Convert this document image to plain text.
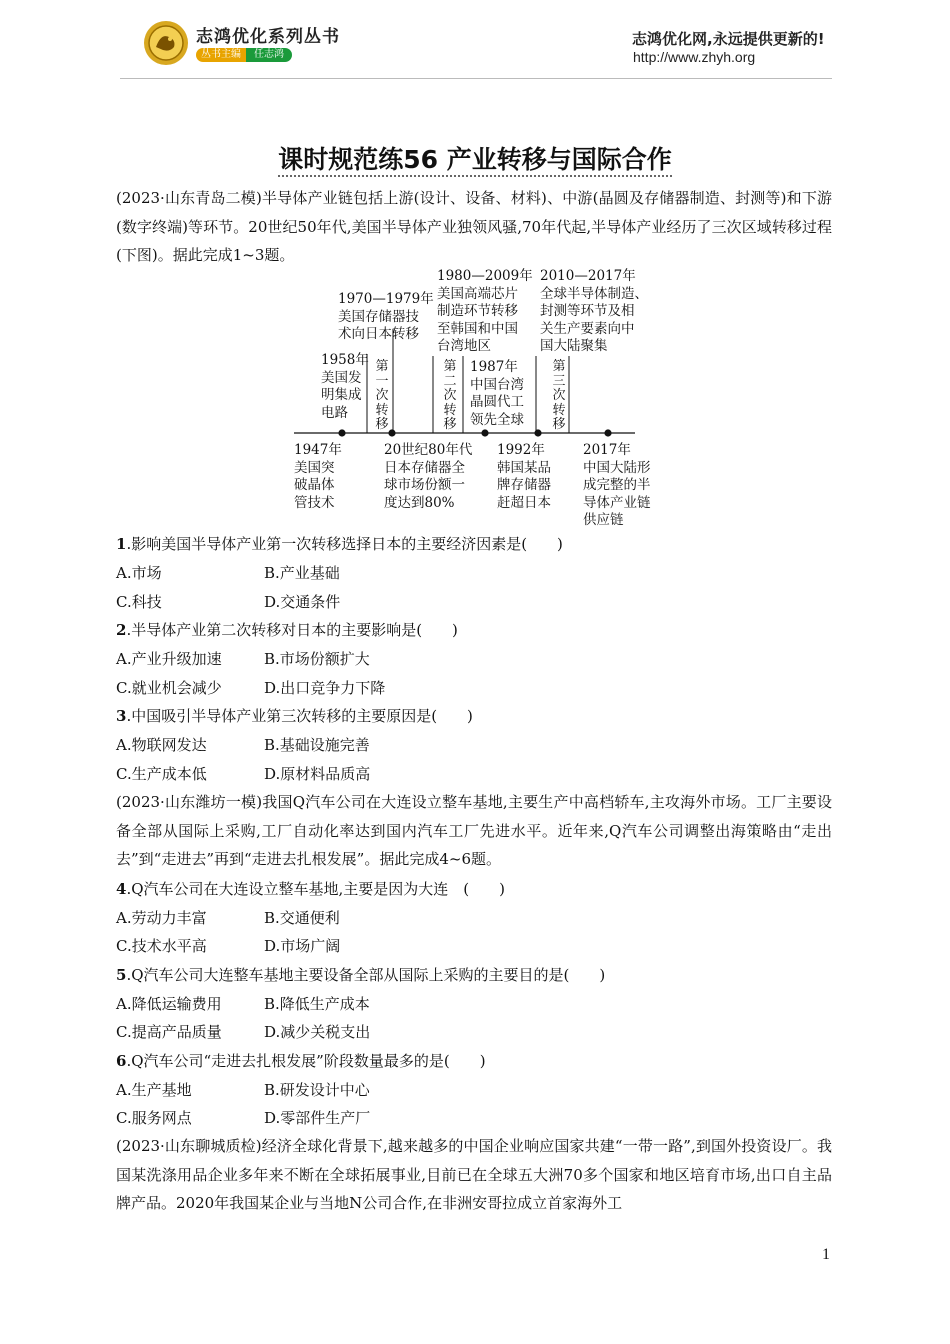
志鸿优化系列丛书
丛书主编	任志鸿
志鸿优化网,永远提供更新的!
http://www.zhyh.org
课时规范练56 产业转移与国际合作
(2023·山东青岛二模)半导体产业链包括上游(设计、设备、材料)、中游(晶圆及存储器制造、封测等)和下游(数字终端)等环节。20世纪50年代,美国半导体产业独领风骚,70年代起,半导体产业经历了三次区域转移过程(下图)。据此完成1~3题。
1980—2009年
美国高端芯片
制造环节转移
至韩国和中国
台湾地区
2010—2017年
全球半导体制造、
封测等环节及相
关生产要素向中
国大陆聚集
1970—1979年
美国存储器技
术向日本转移
1958年
美国发
明集成
电路
1987年
中国台湾
晶圆代工
领先全球
第一次转移
第二次转移
第三次转移
1947年
美国突
破晶体
管技术
20世纪80年代
日本存储器全
球市场份额一
度达到80%
1992年
韩国某品
牌存储器
赶超日本
2017年
中国大陆形
成完整的半
导体产业链
供应链
1.影响美国半导体产业第一次转移选择日本的主要经济因素是(　　)
A.市场	B.产业基础
C.科技	D.交通条件
2.半导体产业第二次转移对日本的主要影响是(　　)
A.产业升级加速	B.市场份额扩大
C.就业机会减少	D.出口竞争力下降
3.中国吸引半导体产业第三次转移的主要原因是(　　)
A.物联网发达	B.基础设施完善
C.生产成本低	D.原材料品质高
(2023·山东潍坊一模)我国Q汽车公司在大连设立整车基地,主要生产中高档轿车,主攻海外市场。工厂主要设备全部从国际上采购,工厂自动化率达到国内汽车工厂先进水平。近年来,Q汽车公司调整出海策略由“走出去”到“走进去”再到“走进去扎根发展”。据此完成4~6题。
4.Q汽车公司在大连设立整车基地,主要是因为大连　(　　)
A.劳动力丰富	B.交通便利
C.技术水平高	D.市场广阔
5.Q汽车公司大连整车基地主要设备全部从国际上采购的主要目的是(　　)
A.降低运输费用	B.降低生产成本
C.提高产品质量	D.减少关税支出
6.Q汽车公司“走进去扎根发展”阶段数量最多的是(　　)
A.生产基地	B.研发设计中心
C.服务网点	D.零部件生产厂
(2023·山东聊城质检)经济全球化背景下,越来越多的中国企业响应国家共建“一带一路”,到国外投资设厂。我国某洗涤用品企业多年来不断在全球拓展事业,目前已在全球五大洲70多个国家和地区培育市场,出口自主品牌产品。2020年我国某企业与当地N公司合作,在非洲安哥拉成立首家海外工
1
